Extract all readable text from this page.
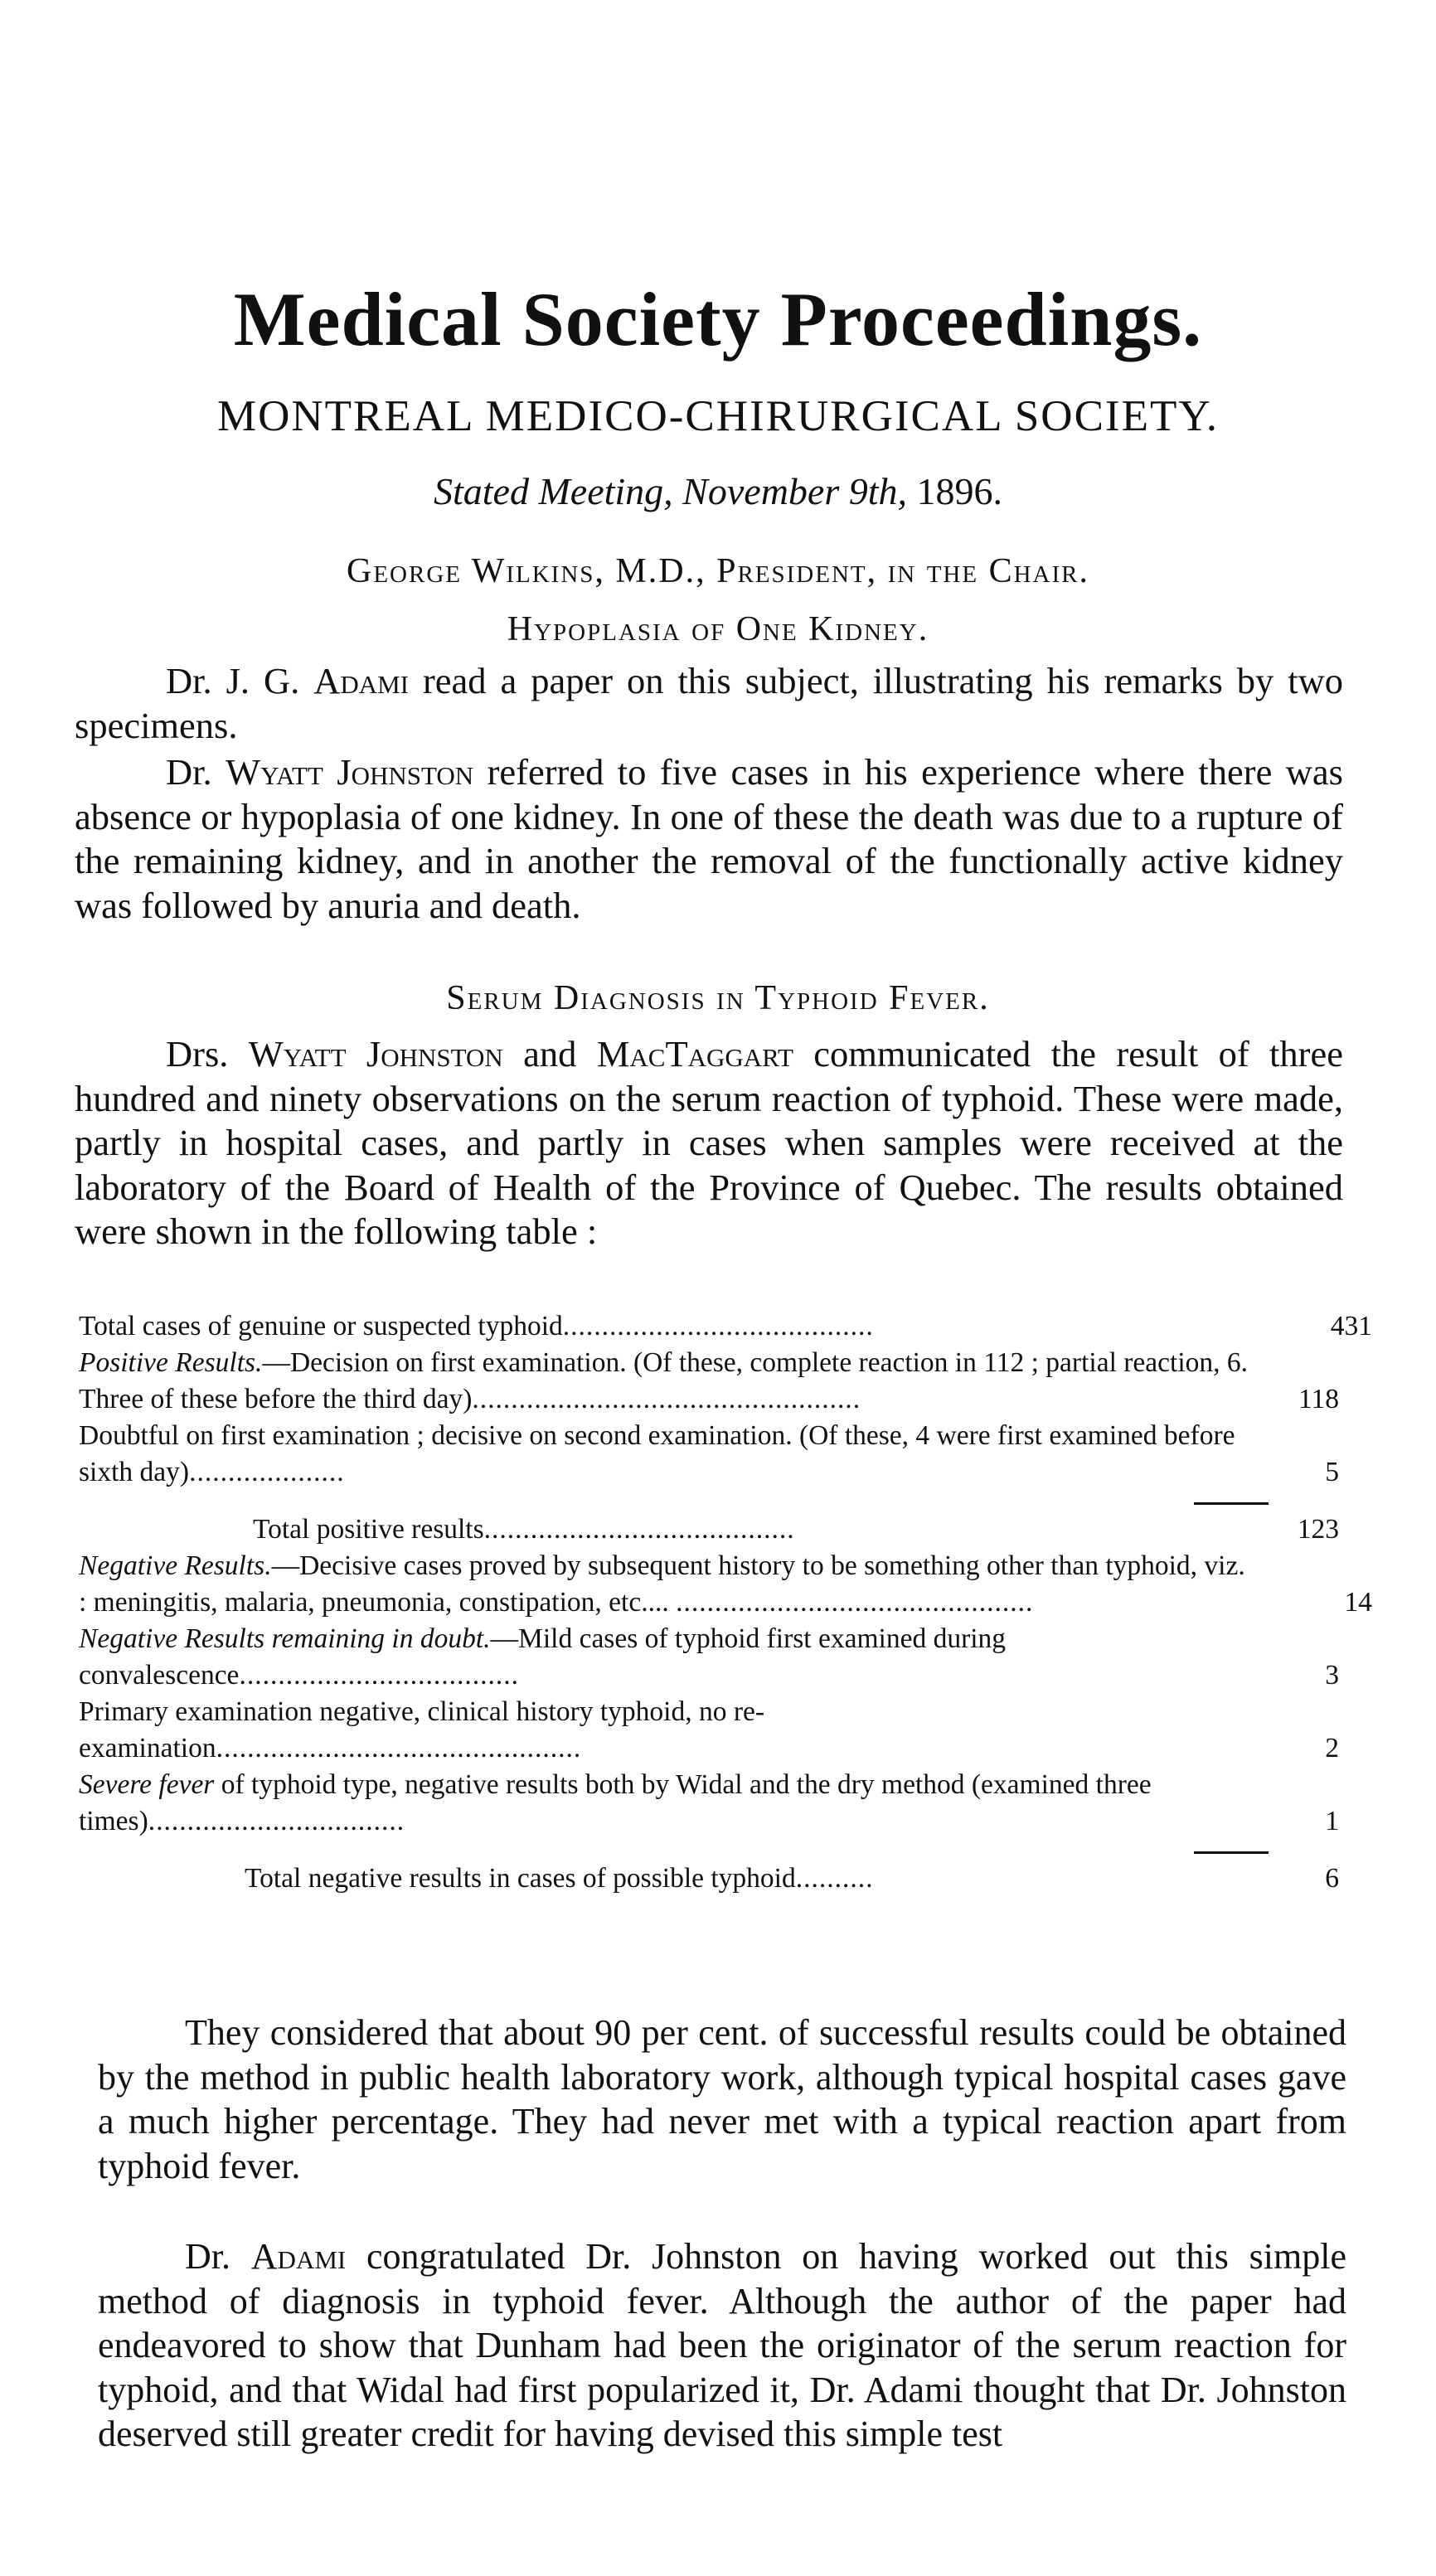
Medical Society Proceedings.
MONTREAL MEDICO-CHIRURGICAL SOCIETY.
Stated Meeting, November 9th, 1896.
George Wilkins, M.D., President, in the Chair.
Hypoplasia of One Kidney.

Dr. J. G. Adami read a paper on this subject, illustrating his remarks by two specimens.

Dr. Wyatt Johnston referred to five cases in his experience where there was absence or hypoplasia of one kidney. In one of these the death was due to a rupture of the remaining kidney, and in another the removal of the functionally active kidney was followed by anuria and death.

Serum Diagnosis in Typhoid Fever.

Drs. Wyatt Johnston and MacTaggart communicated the result of three hundred and ninety observations on the serum reaction of typhoid. These were made, partly in hospital cases, and partly in cases when samples were received at the laboratory of the Board of Health of the Province of Quebec. The results obtained were shown in the following table :

Total cases of genuine or suspected typhoid........................................	431
Positive Results.—Decision on first examination. (Of these, complete reaction in 112 ; partial reaction, 6. Three of these before the third day)..................................................	118
Doubtful on first examination ; decisive on second examination. (Of these, 4 were first examined before sixth day)....................	5
Total positive results........................................	123
Negative Results.—Decisive cases proved by subsequent history to be something other than typhoid, viz. : meningitis, malaria, pneumonia, constipation, etc.... ..............................................	14
Negative Results remaining in doubt.—Mild cases of typhoid first examined during convalescence....................................	3
Primary examination negative, clinical history typhoid, no re-examination...............................................	2
Severe fever of typhoid type, negative results both by Widal and the dry method (examined three times).................................	1
Total negative results in cases of possible typhoid..........	6

They considered that about 90 per cent. of successful results could be obtained by the method in public health laboratory work, although typical hospital cases gave a much higher percentage. They had never met with a typical reaction apart from typhoid fever.

Dr. Adami congratulated Dr. Johnston on having worked out this simple method of diagnosis in typhoid fever. Although the author of the paper had endeavored to show that Dunham had been the originator of the serum reaction for typhoid, and that Widal had first popularized it, Dr. Adami thought that Dr. Johnston deserved still greater credit for having devised this simple test
